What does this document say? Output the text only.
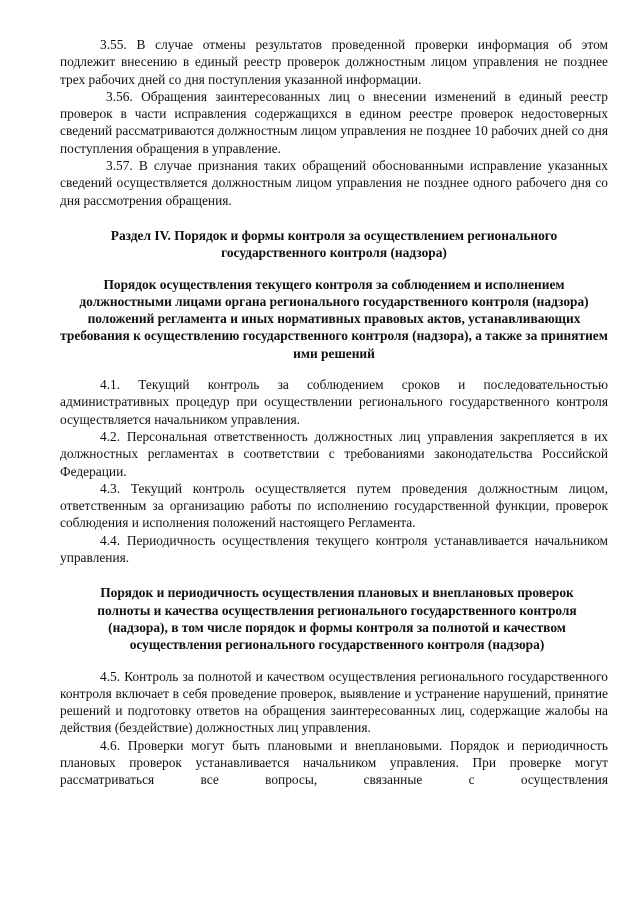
3.55. В случае отмены результатов проведенной проверки информация об этом подлежит внесению в единый реестр проверок должностным лицом управления не позднее трех рабочих дней со дня поступления указанной информации.

3.56. Обращения заинтересованных лиц о внесении изменений в единый реестр проверок в части исправления содержащихся в едином реестре проверок недостоверных сведений рассматриваются должностным лицом управления не позднее 10 рабочих дней со дня поступления обращения в управление.

3.57. В случае признания таких обращений обоснованными исправление указанных сведений осуществляется должностным лицом управления не позднее одного рабочего дня со дня рассмотрения обращения.

Раздел IV. Порядок и формы контроля за осуществлением регионального государственного контроля (надзора)

Порядок осуществления текущего контроля за соблюдением и исполнением должностными лицами органа регионального государственного контроля (надзора) положений регламента и иных нормативных правовых актов, устанавливающих требования к осуществлению государственного контроля (надзора), а также за принятием ими решений

4.1. Текущий контроль за соблюдением сроков и последовательностью административных процедур при осуществлении регионального государственного контроля осуществляется начальником управления.

4.2. Персональная ответственность должностных лиц управления закрепляется в их должностных регламентах в соответствии с требованиями законодательства Российской Федерации.

4.3. Текущий контроль осуществляется путем проведения должностным лицом, ответственным за организацию работы по исполнению государственной функции, проверок соблюдения и исполнения положений настоящего Регламента.

4.4. Периодичность осуществления текущего контроля устанавливается начальником управления.

Порядок и периодичность осуществления плановых и внеплановых проверок полноты и качества осуществления регионального государственного контроля (надзора), в том числе порядок и формы контроля за полнотой и качеством осуществления регионального государственного контроля (надзора)

4.5. Контроль за полнотой и качеством осуществления регионального государственного контроля включает в себя проведение проверок, выявление и устранение нарушений, принятие решений и подготовку ответов на обращения заинтересованных лиц, содержащие жалобы на действия (бездействие) должностных лиц управления.

4.6. Проверки могут быть плановыми и внеплановыми. Порядок и периодичность плановых проверок устанавливается начальником управления. При проверке могут рассматриваться все вопросы, связанные с осуществления
